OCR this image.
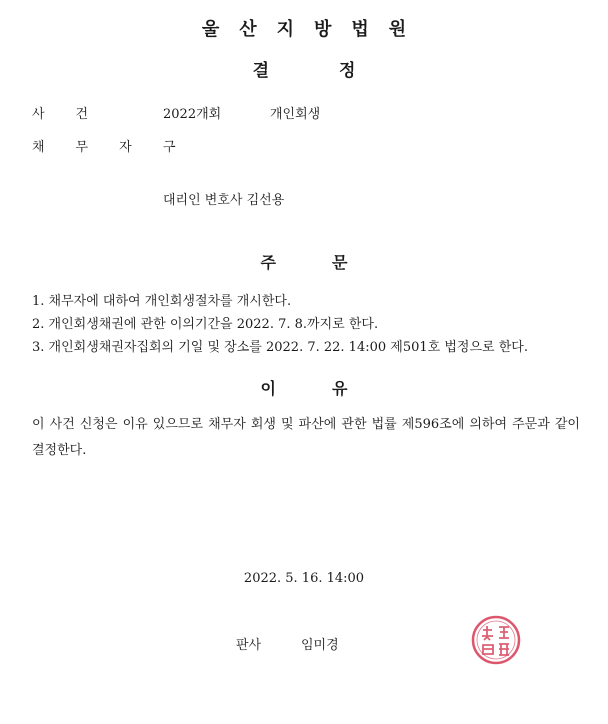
울산지방법원
결정
사건	2022개회	개인회생
채무자 구
대리인 변호사 김선용
주문
1. 채무자에 대하여 개인회생절차를 개시한다.
2. 개인회생채권에 관한 이의기간을 2022. 7. 8.까지로 한다.
3. 개인회생채권자집회의 기일 및 장소를 2022. 7. 22. 14:00 제501호 법정으로 한다.
이유
이 사건 신청은 이유 있으므로 채무자 회생 및 파산에 관한 법률 제596조에 의하여 주문과 같이 결정한다.
2022. 5. 16. 14:00
판사	임미경
